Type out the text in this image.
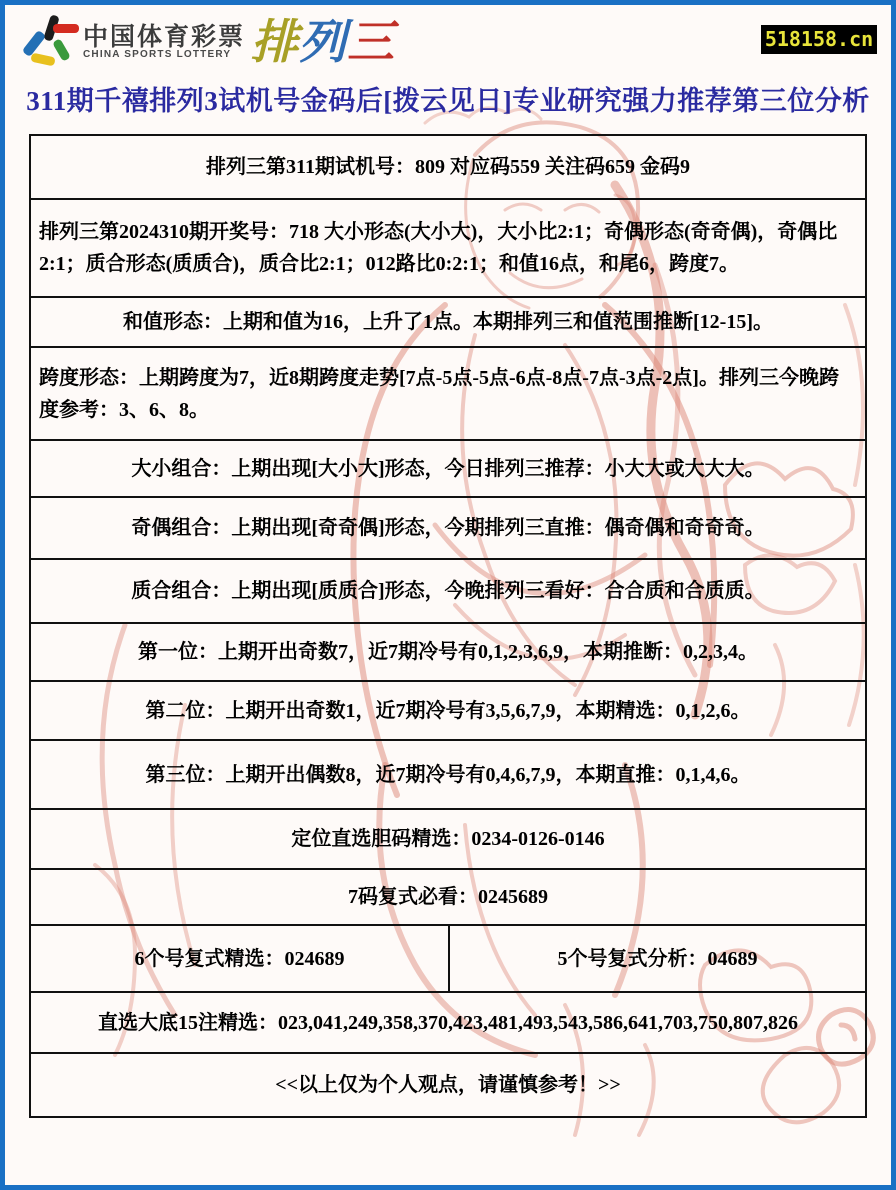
中国体育彩票
CHINA SPORTS LOTTERY 排列三	518158.cn
311期千禧排列3试机号金码后[拨云见日]专业研究强力推荐第三位分析
排列三第311期试机号：809 对应码559 关注码659 金码9
排列三第2024310期开奖号：718 大小形态(大小大)，大小比2:1；奇偶形态(奇奇偶)，奇偶比2:1；质合形态(质质合)，质合比2:1；012路比0:2:1；和值16点，和尾6，跨度7。
和值形态：上期和值为16，上升了1点。本期排列三和值范围推断[12-15]。
跨度形态：上期跨度为7，近8期跨度走势[7点-5点-5点-6点-8点-7点-3点-2点]。排列三今晚跨度参考：3、6、8。
大小组合：上期出现[大小大]形态，今日排列三推荐：小大大或大大大。
奇偶组合：上期出现[奇奇偶]形态，今期排列三直推：偶奇偶和奇奇奇。
质合组合：上期出现[质质合]形态，今晚排列三看好：合合质和合质质。
第一位：上期开出奇数7，近7期冷号有0,1,2,3,6,9，本期推断：0,2,3,4。
第二位：上期开出奇数1，近7期冷号有3,5,6,7,9，本期精选：0,1,2,6。
第三位：上期开出偶数8，近7期冷号有0,4,6,7,9，本期直推：0,1,4,6。
定位直选胆码精选：0234-0126-0146
7码复式必看：0245689
6个号复式精选：024689	5个号复式分析：04689
直选大底15注精选：023,041,249,358,370,423,481,493,543,586,641,703,750,807,826
<<以上仅为个人观点，请谨慎参考！>>
